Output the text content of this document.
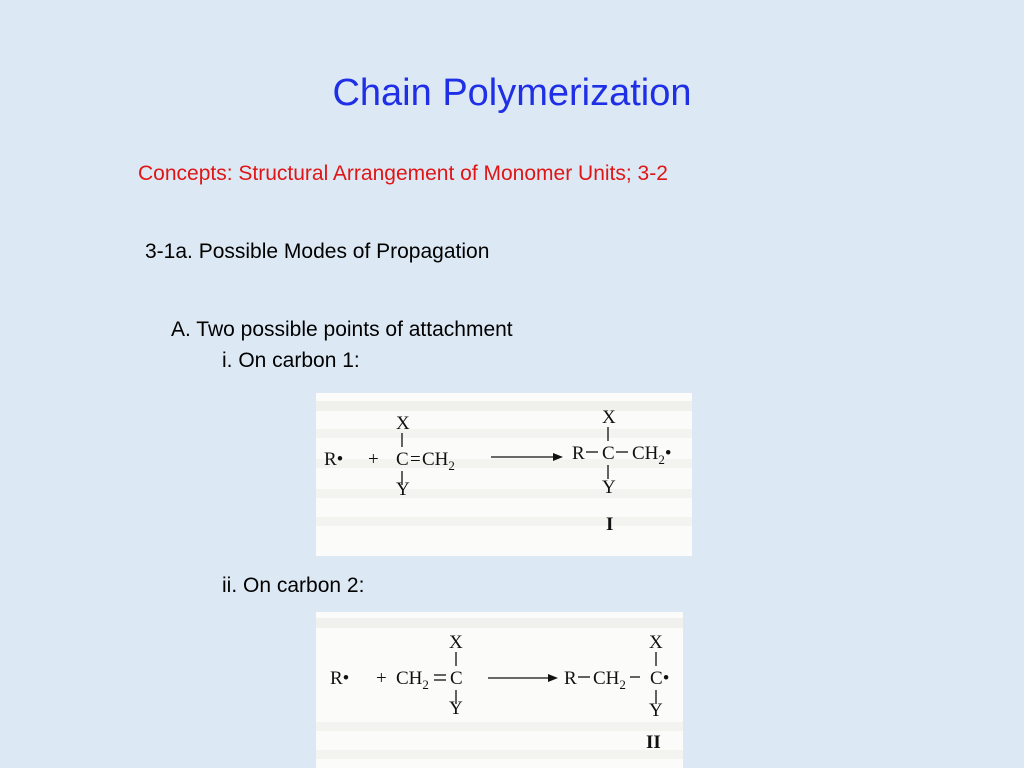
Chain Polymerization
Concepts: Structural Arrangement of Monomer Units; 3-2
3-1a. Possible Modes of Propagation
A. Two possible points of attachment
i. On carbon 1:
R• +
X
$C = CH_2$
Y
R
X
C $CH_2•$
Y
I
ii. On carbon 2:
R• + $CH_2$
X
C
Y
R $CH_2$
X
C•
Y
II
